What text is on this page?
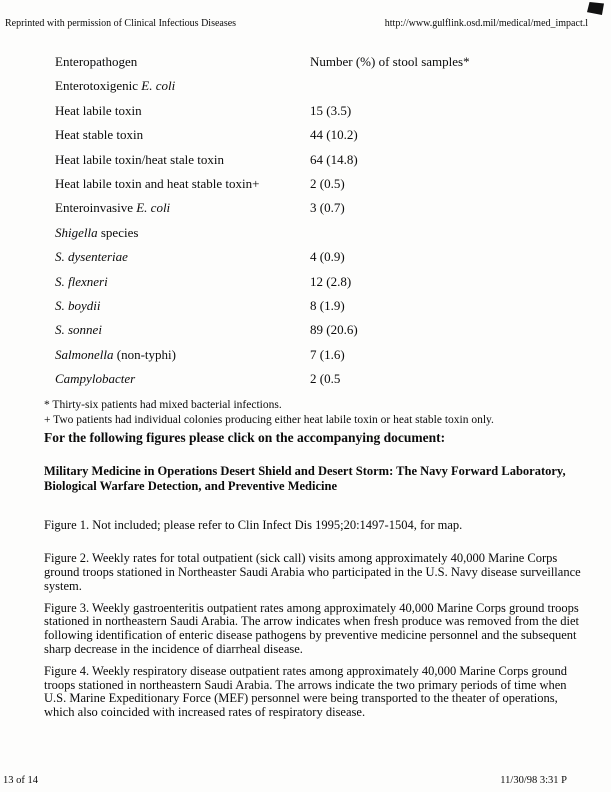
Reprinted with permission of Clinical Infectious Diseases	http://www.gulflink.osd.mil/medical/med_impact.l
Enteropathogen	Number (%) of stool samples*
Enterotoxigenic E. coli
Heat labile toxin	15 (3.5)
Heat stable toxin	44 (10.2)
Heat labile toxin/heat stale toxin	64 (14.8)
Heat labile toxin and heat stable toxin+	2 (0.5)
Enteroinvasive E. coli	3 (0.7)
Shigella species
S. dysenteriae	4 (0.9)
S. flexneri	12 (2.8)
S. boydii	8 (1.9)
S. sonnei	89 (20.6)
Salmonella (non-typhi)	7 (1.6)
Campylobacter	2 (0.5
* Thirty-six patients had mixed bacterial infections.
+ Two patients had individual colonies producing either heat labile toxin or heat stable toxin only.
For the following figures please click on the accompanying document:
Military Medicine in Operations Desert Shield and Desert Storm: The Navy Forward Laboratory, Biological Warfare Detection, and Preventive Medicine

Figure 1. Not included; please refer to Clin Infect Dis 1995;20:1497-1504, for map.

Figure 2. Weekly rates for total outpatient (sick call) visits among approximately 40,000 Marine Corps ground troops stationed in Northeaster Saudi Arabia who participated in the U.S. Navy disease surveillance system.

Figure 3. Weekly gastroenteritis outpatient rates among approximately 40,000 Marine Corps ground troops stationed in northeastern Saudi Arabia. The arrow indicates when fresh produce was removed from the diet following identification of enteric disease pathogens by preventive medicine personnel and the subsequent sharp decrease in the incidence of diarrheal disease.

Figure 4. Weekly respiratory disease outpatient rates among approximately 40,000 Marine Corps ground troops stationed in northeastern Saudi Arabia. The arrows indicate the two primary periods of time when U.S. Marine Expeditionary Force (MEF) personnel were being transported to the theater of operations, which also coincided with increased rates of respiratory disease.

13 of 14	11/30/98 3:31 P
